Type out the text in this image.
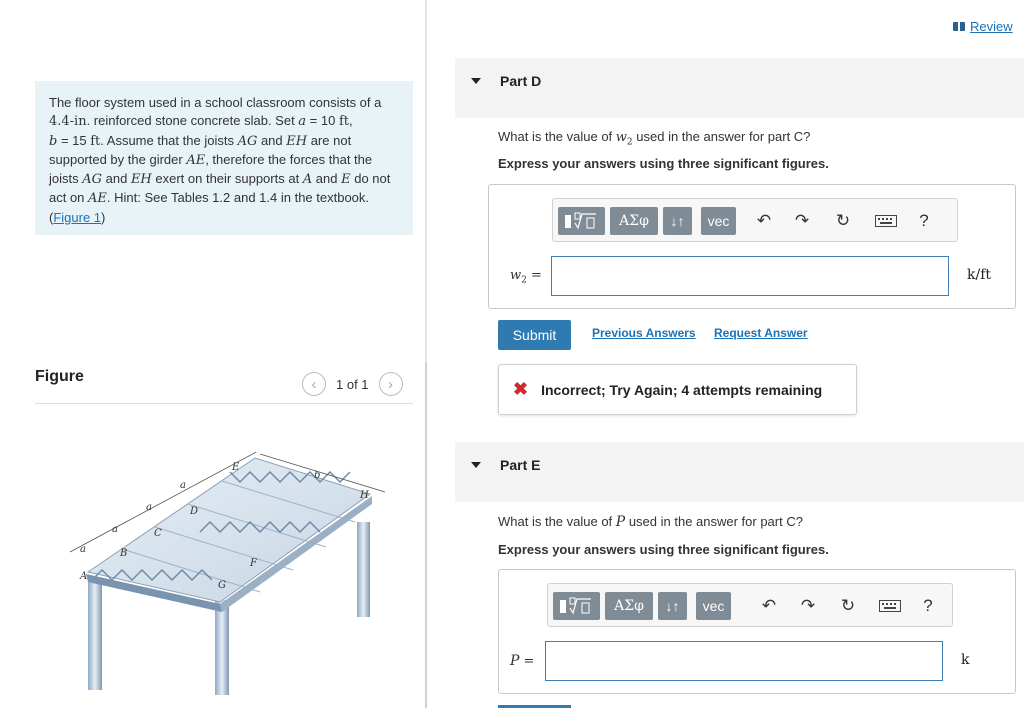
The floor system used in a school classroom consists of a 4.4-in. reinforced stone concrete slab. Set a = 10 ft,
b = 15 ft. Assume that the joists AG and EH are not supported by the girder AE, therefore the forces that the joists AG and EH exert on their supports at A and E do not act on AE. Hint: See Tables 1.2 and 1.4 in the textbook. (Figure 1)
Figure	‹	1 of 1	›
A
B
C
D
E
F
G
H
a
a
a
a
b
Review
Part D
What is the value of $w_2$ used in the answer for part C?
Express your answers using three significant figures.
ΑΣφ	↓↑	vec	↶ ↷ ↻	?
$w_2$ =	k/ft
Submit	Previous Answers Request Answer
✖ Incorrect; Try Again; 4 attempts remaining
Part E
What is the value of P used in the answer for part C?
Express your answers using three significant figures.
ΑΣφ	↓↑	vec	↶ ↷ ↻	?
P =	k
